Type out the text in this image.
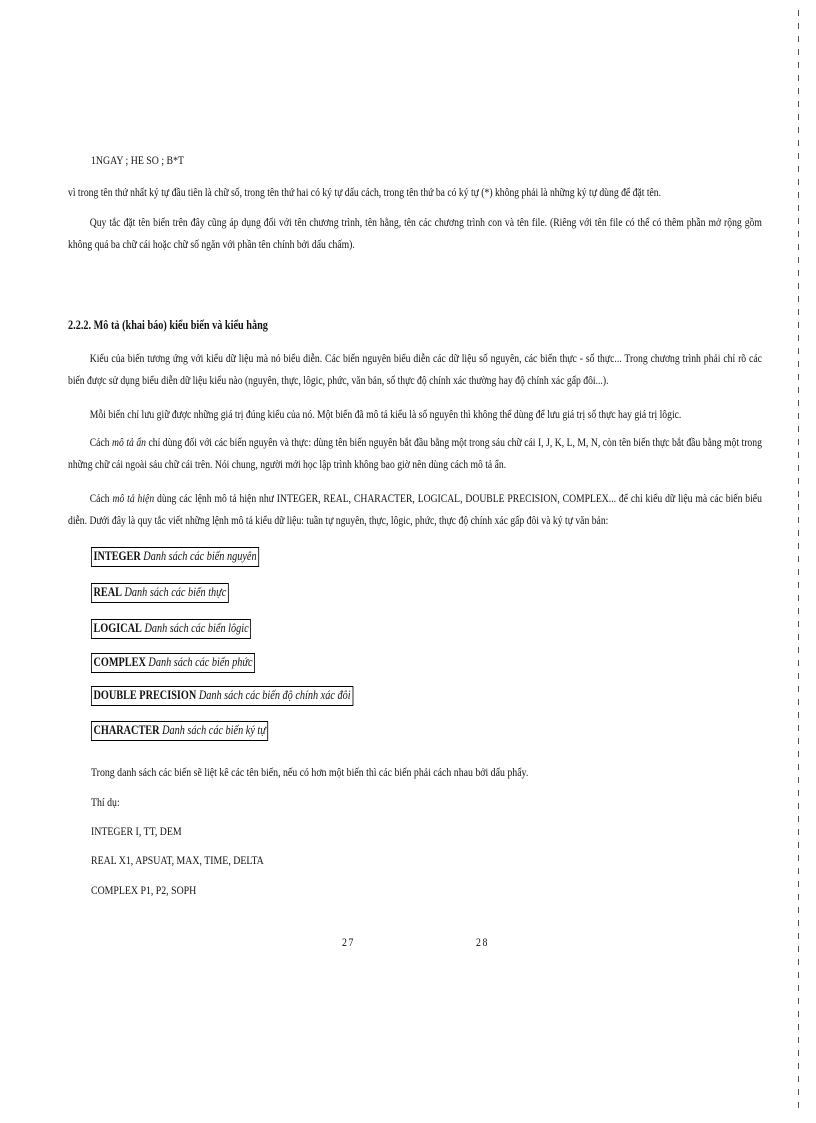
1NGAY ; HE SO ; B*T
vì trong tên thứ nhất ký tự đầu tiên là chữ số, trong tên thứ hai có ký tự dấu cách, trong tên thứ ba có ký tự (*) không phải là những ký tự dùng để đặt tên.
Quy tắc đặt tên biến trên đây cũng áp dụng đối với tên chương trình, tên hằng, tên các chương trình con và tên file. (Riêng với tên file có thể có thêm phần mở rộng gồm không quá ba chữ cái hoặc chữ số ngăn với phần tên chính bởi dấu chấm).
2.2.2. Mô tả (khai báo) kiểu biến và kiểu hằng
Kiểu của biến tương ứng với kiểu dữ liệu mà nó biểu diễn. Các biến nguyên biểu diễn các dữ liệu số nguyên, các biến thực - số thực... Trong chương trình phải chỉ rõ các biến được sử dụng biểu diễn dữ liệu kiểu nào (nguyên, thực, lôgic, phức, văn bản, số thực độ chính xác thường hay độ chính xác gấp đôi...).
Mỗi biến chỉ lưu giữ được những giá trị đúng kiểu của nó. Một biến đã mô tả kiểu là số nguyên thì không thể dùng để lưu giá trị số thực hay giá trị lôgic.
Cách mô tả ẩn chỉ dùng đối với các biến nguyên và thực: dùng tên biến nguyên bắt đầu bằng một trong sáu chữ cái I, J, K, L, M, N, còn tên biến thực bắt đầu bằng một trong những chữ cái ngoài sáu chữ cái trên. Nói chung, người mới học lập trình không bao giờ nên dùng cách mô tả ẩn.
Cách mô tả hiện dùng các lệnh mô tả hiện như INTEGER, REAL, CHARACTER, LOGICAL, DOUBLE PRECISION, COMPLEX... để chỉ kiểu dữ liệu mà các biến biểu diễn. Dưới đây là quy tắc viết những lệnh mô tả kiểu dữ liệu: tuần tự nguyên, thực, lôgic, phức, thực độ chính xác gấp đôi và ký tự văn bản:
INTEGER Danh sách các biến nguyên
REAL Danh sách các biến thực
LOGICAL Danh sách các biến lôgic
COMPLEX Danh sách các biến phức
DOUBLE PRECISION Danh sách các biến độ chính xác đôi
CHARACTER Danh sách các biến ký tự
Trong danh sách các biến sẽ liệt kê các tên biến, nếu có hơn một biến thì các biến phải cách nhau bởi dấu phẩy.
Thí dụ:
INTEGER I, TT, DEM
REAL X1, APSUAT, MAX, TIME, DELTA
COMPLEX P1, P2, SOPH
27	28
